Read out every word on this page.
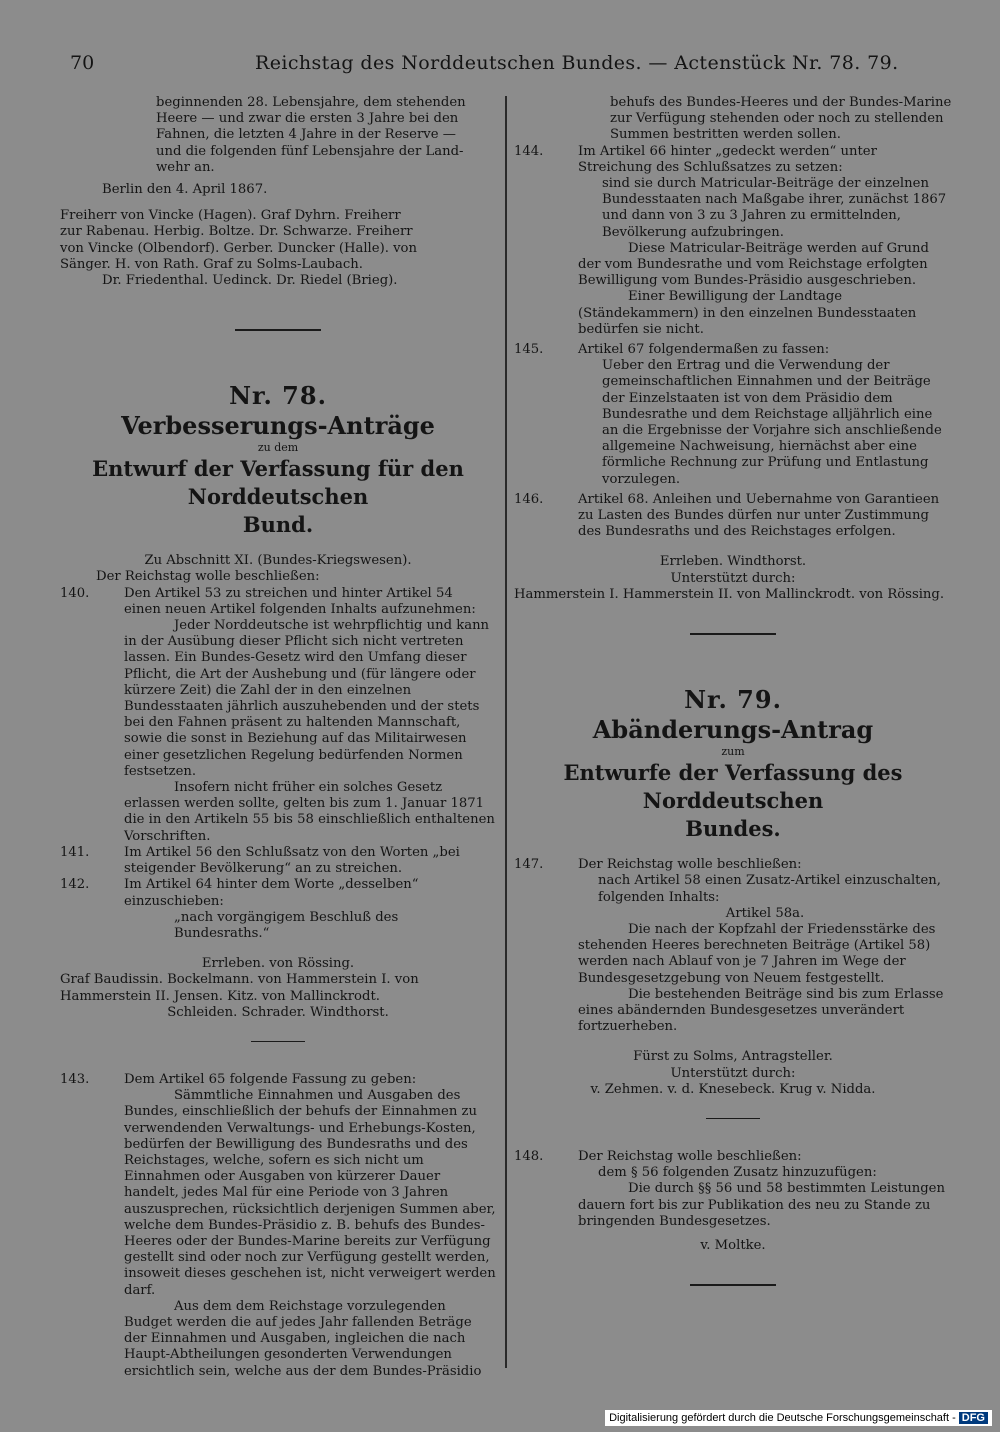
70	Reichstag des Norddeutschen Bundes. — Actenstück Nr. 78. 79.

beginnenden 28. Lebensjahre, dem stehenden

Heere — und zwar die ersten 3 Jahre bei den

Fahnen, die letzten 4 Jahre in der Reserve —

und die folgenden fünf Lebensjahre der Land-

wehr an.

Berlin den 4. April 1867.

Freiherr von Vincke (Hagen). Graf Dyhrn. Freiherr

zur Rabenau. Herbig. Boltze. Dr. Schwarze. Freiherr

von Vincke (Olbendorf). Gerber. Duncker (Halle). von

Sänger. H. von Rath. Graf zu Solms-Laubach.

Dr. Friedenthal. Uedinck. Dr. Riedel (Brieg).

Nr. 78.
Verbesserungs-Anträge
zu dem
Entwurf der Verfassung für den Norddeutschen
Bund.

Zu Abschnitt XI. (Bundes-Kriegswesen).

Der Reichstag wolle beschließen:

140.	Den Artikel 53 zu streichen und hinter Artikel 54

einen neuen Artikel folgenden Inhalts aufzunehmen:

Jeder Norddeutsche ist wehrpflichtig und kann in der Ausübung dieser Pflicht sich nicht vertreten lassen. Ein Bundes-Gesetz wird den Umfang dieser Pflicht, die Art der Aushebung und (für längere oder kürzere Zeit) die Zahl der in den einzelnen Bundesstaaten jährlich auszuhebenden und der stets bei den Fahnen präsent zu haltenden Mannschaft, sowie die sonst in Beziehung auf das Militairwesen einer gesetzlichen Regelung bedürfenden Normen festsetzen.

Insofern nicht früher ein solches Gesetz erlassen werden sollte, gelten bis zum 1. Januar 1871 die in den Artikeln 55 bis 58 einschließlich enthaltenen Vorschriften.

141.	Im Artikel 56 den Schlußsatz von den Worten „bei steigender Bevölkerung“ an zu streichen.

142.	Im Artikel 64 hinter dem Worte „desselben“ einzuschieben:

„nach vorgängigem Beschluß des Bundesraths.“

Errleben. von Rössing.

Graf Baudissin. Bockelmann. von Hammerstein I. von

Hammerstein II. Jensen. Kitz. von Mallinckrodt.

Schleiden. Schrader. Windthorst.

143.	Dem Artikel 65 folgende Fassung zu geben:

Sämmtliche Einnahmen und Ausgaben des Bundes, einschließlich der behufs der Einnahmen zu verwendenden Verwaltungs- und Erhebungs-Kosten, bedürfen der Bewilligung des Bundesraths und des Reichstages, welche, sofern es sich nicht um Einnahmen oder Ausgaben von kürzerer Dauer handelt, jedes Mal für eine Periode von 3 Jahren auszusprechen, rücksichtlich derjenigen Summen aber, welche dem Bundes-Präsidio z. B. behufs des Bundes-Heeres oder der Bundes-Marine bereits zur Verfügung gestellt sind oder noch zur Verfügung gestellt werden, insoweit dieses geschehen ist, nicht verweigert werden darf.

Aus dem dem Reichstage vorzulegenden Budget werden die auf jedes Jahr fallenden Beträge der Einnahmen und Ausgaben, ingleichen die nach Haupt-Abtheilungen gesonderten Verwendungen ersichtlich sein, welche aus der dem Bundes-Präsidio

behufs des Bundes-Heeres und der Bundes-Marine

zur Verfügung stehenden oder noch zu stellenden

Summen bestritten werden sollen.

144.	Im Artikel 66 hinter „gedeckt werden“ unter Streichung des Schlußsatzes zu setzen:

sind sie durch Matricular-Beiträge der einzelnen Bundesstaaten nach Maßgabe ihrer, zunächst 1867 und dann von 3 zu 3 Jahren zu ermittelnden, Bevölkerung aufzubringen.

Diese Matricular-Beiträge werden auf Grund der vom Bundesrathe und vom Reichstage erfolgten Bewilligung vom Bundes-Präsidio ausgeschrieben.

Einer Bewilligung der Landtage (Ständekammern) in den einzelnen Bundesstaaten bedürfen sie nicht.

145.	Artikel 67 folgendermaßen zu fassen:

Ueber den Ertrag und die Verwendung der gemeinschaftlichen Einnahmen und der Beiträge der Einzelstaaten ist von dem Präsidio dem Bundesrathe und dem Reichstage alljährlich eine an die Ergebnisse der Vorjahre sich anschließende allgemeine Nachweisung, hiernächst aber eine förmliche Rechnung zur Prüfung und Entlastung vorzulegen.

146.	Artikel 68. Anleihen und Uebernahme von Garantieen zu Lasten des Bundes dürfen nur unter Zustimmung des Bundesraths und des Reichstages erfolgen.

Errleben. Windthorst.

Unterstützt durch:

Hammerstein I. Hammerstein II. von Mallinckrodt. von Rössing.

Nr. 79.
Abänderungs-Antrag
zum
Entwurfe der Verfassung des Norddeutschen
Bundes.
147.	Der Reichstag wolle beschließen:

nach Artikel 58 einen Zusatz-Artikel einzuschalten, folgenden Inhalts:

Artikel 58a.

Die nach der Kopfzahl der Friedensstärke des stehenden Heeres berechneten Beiträge (Artikel 58) werden nach Ablauf von je 7 Jahren im Wege der Bundesgesetzgebung von Neuem festgestellt.

Die bestehenden Beiträge sind bis zum Erlasse eines abändernden Bundesgesetzes unverändert fortzuerheben.

Fürst zu Solms, Antragsteller.

Unterstützt durch:

v. Zehmen. v. d. Knesebeck. Krug v. Nidda.

148.	Der Reichstag wolle beschließen:

dem § 56 folgenden Zusatz hinzuzufügen:

Die durch §§ 56 und 58 bestimmten Leistungen dauern fort bis zur Publikation des neu zu Stande zu bringenden Bundesgesetzes.

v. Moltke.

Digitalisierung gefördert durch die Deutsche Forschungsgemeinschaft - DFG
